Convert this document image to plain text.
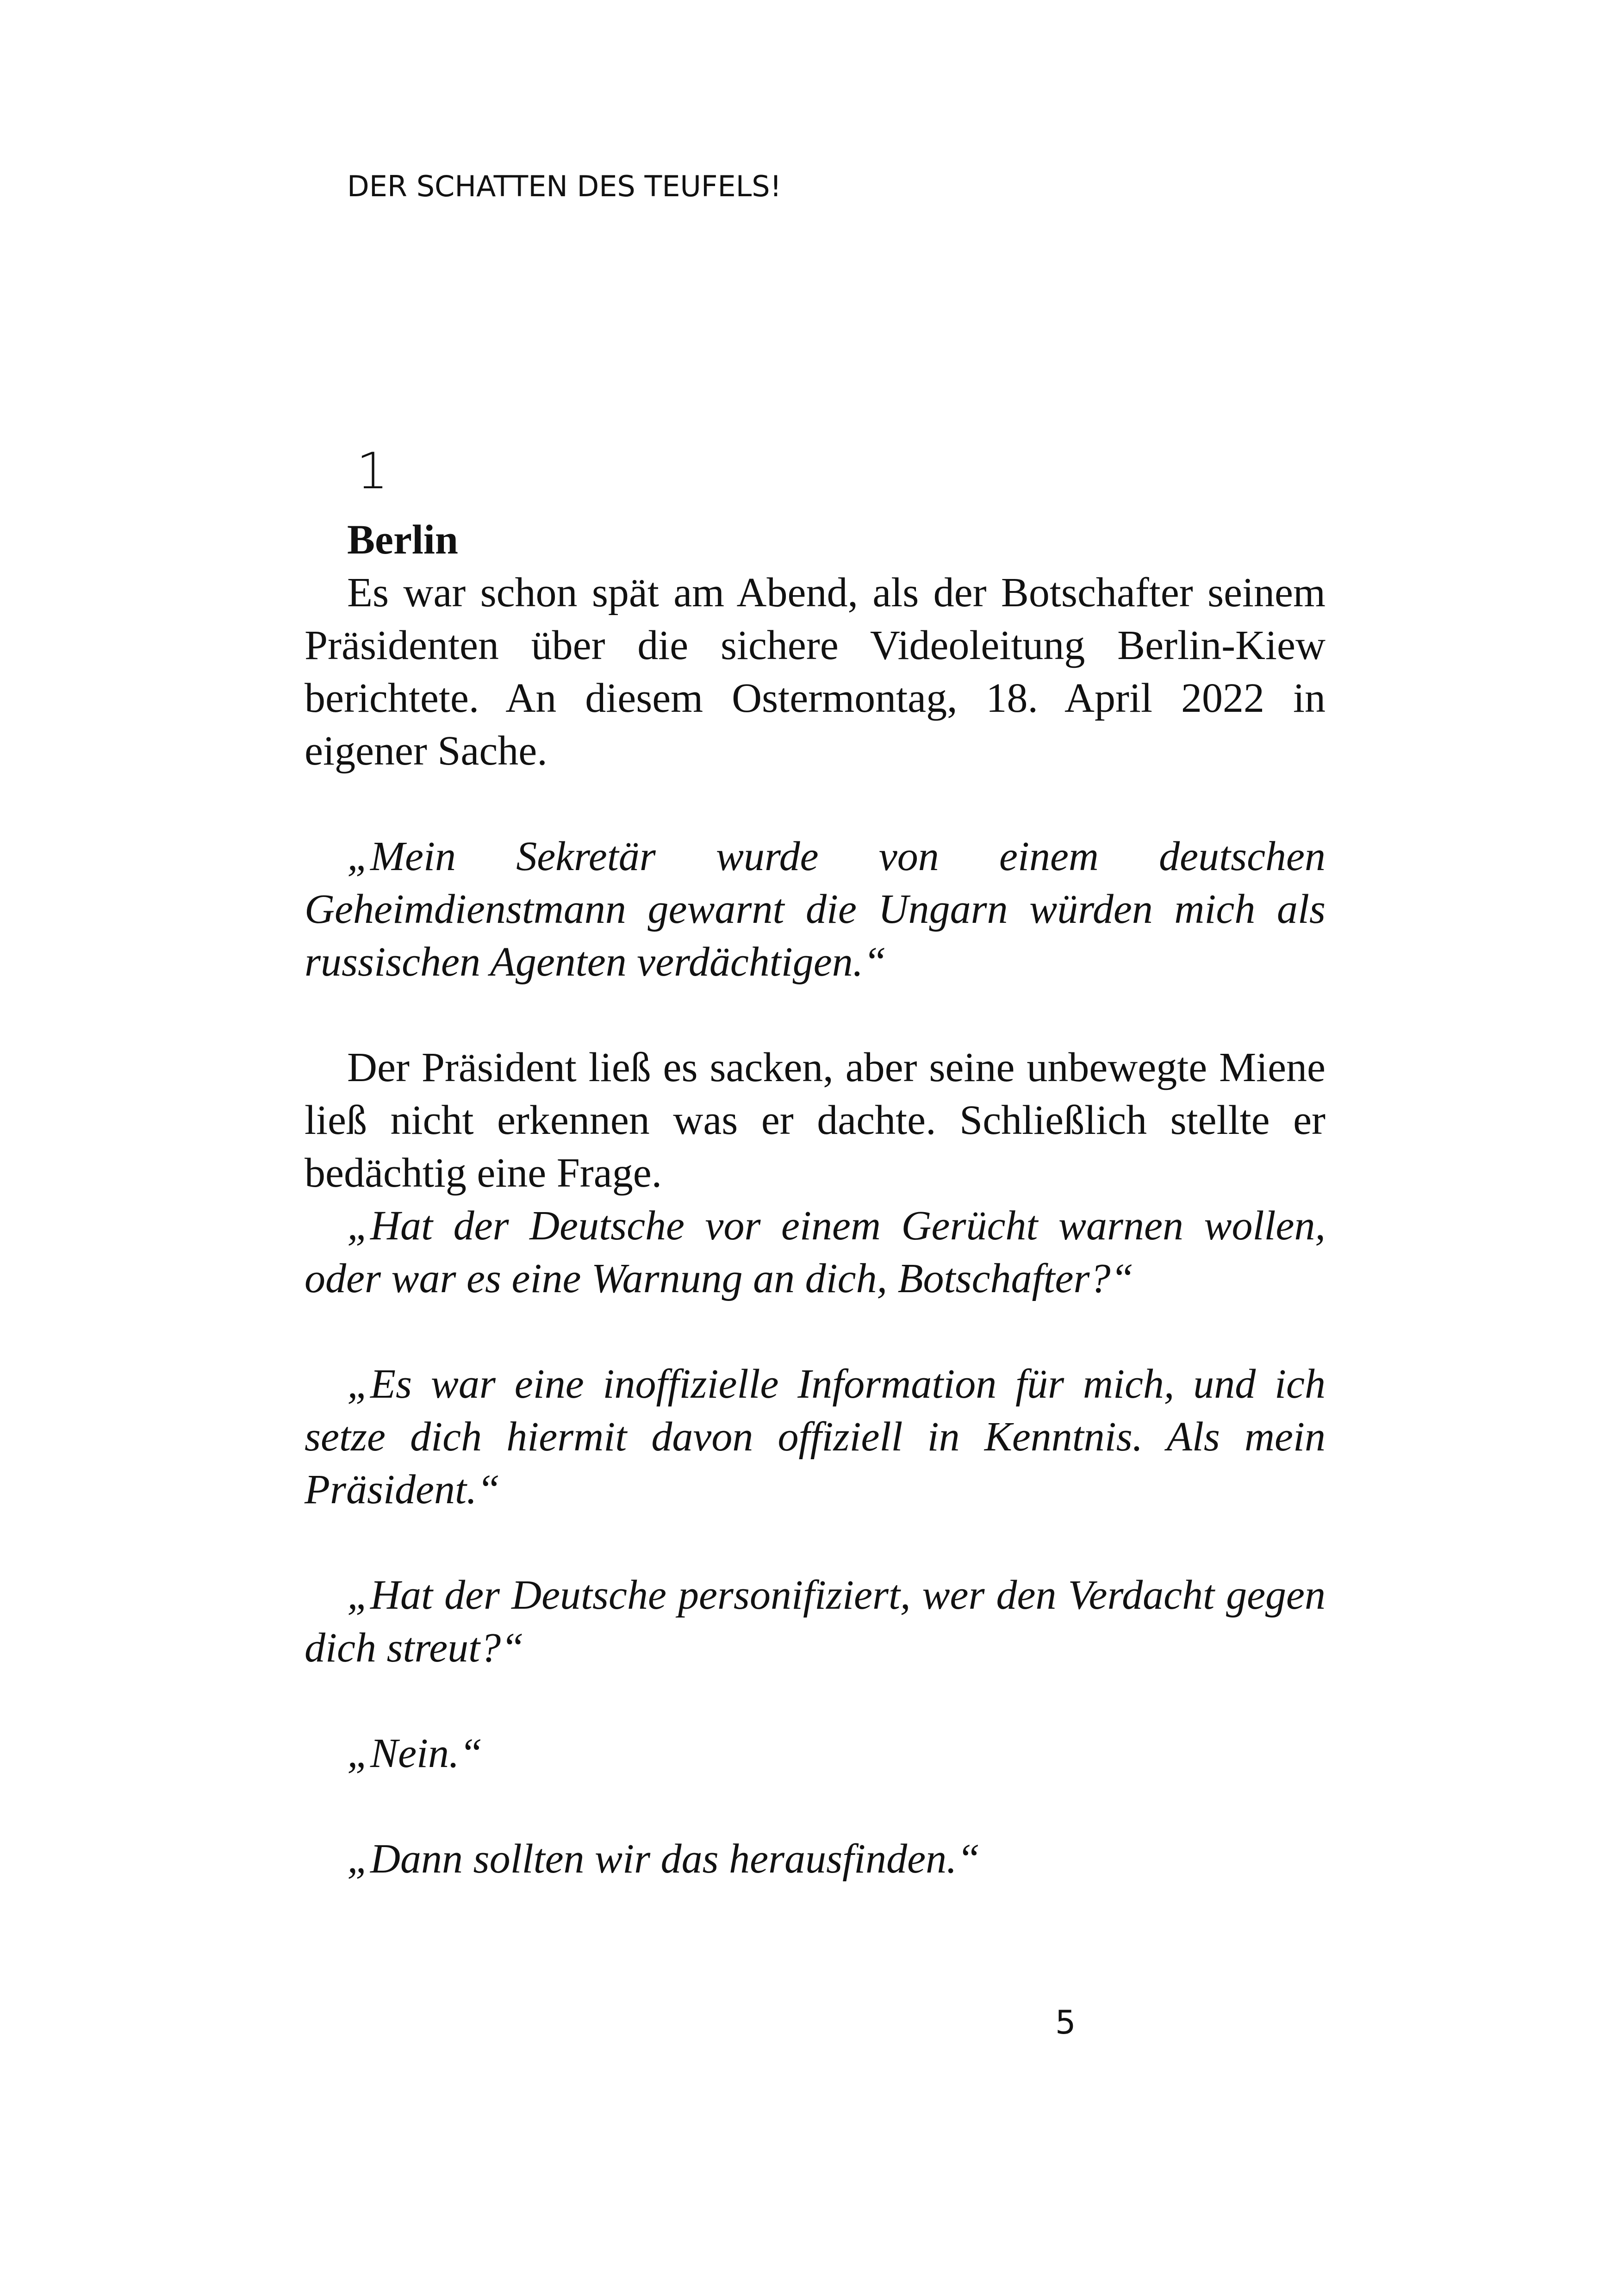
DER SCHATTEN DES TEUFELS!
1

Berlin

Es war schon spät am Abend, als der Botschafter seinem Präsidenten über die sichere Videoleitung Berlin-Kiew berichtete. An diesem Ostermontag, 18. April 2022 in eigener Sache.

„Mein Sekretär wurde von einem deutschen Geheimdienstmann gewarnt die Ungarn würden mich als russischen Agenten verdächtigen.“

Der Präsident ließ es sacken, aber seine unbewegte Miene ließ nicht erkennen was er dachte. Schließlich stellte er bedächtig eine Frage.

„Hat der Deutsche vor einem Gerücht warnen wollen, oder war es eine Warnung an dich, Botschafter?“

„Es war eine inoffizielle Information für mich, und ich setze dich hiermit davon offiziell in Kenntnis. Als mein Präsident.“

„Hat der Deutsche personifiziert, wer den Verdacht gegen dich streut?“

„Nein.“

„Dann sollten wir das herausfinden.“

5
